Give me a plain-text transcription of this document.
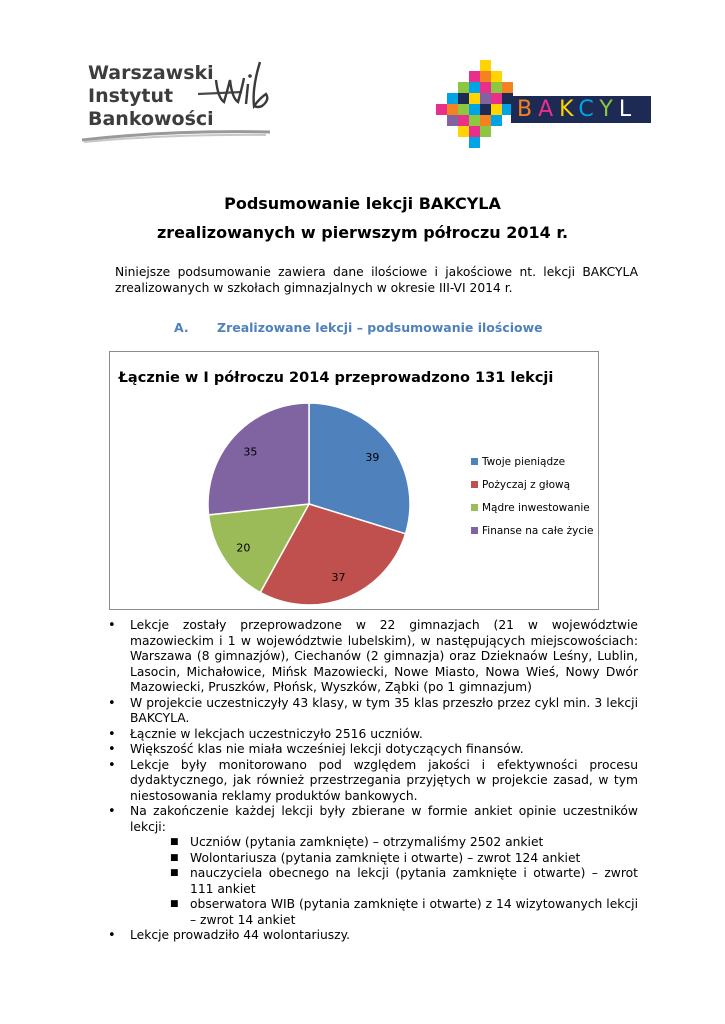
Warszawski
Instytut
Bankowości	BAKCYL
Podsumowanie lekcji BAKCYLA
zrealizowanych w pierwszym półroczu 2014 r.
Niniejsze podsumowanie zawiera dane ilościowe i jakościowe nt. lekcji BAKCYLA zrealizowanych w szkołach gimnazjalnych w okresie III-VI 2014 r.
A. Zrealizowane lekcji – podsumowanie ilościowe
Łącznie w I półroczu 2014 przeprowadzono 131 lekcji
39
37
20
35
Twoje pieniądze
Pożyczaj z głową
Mądre inwestowanie
Finanse na całe życie
• Lekcje zostały przeprowadzone w 22 gimnazjach (21 w województwie mazowieckim i 1 w województwie lubelskim), w następujących miejscowościach: Warszawa (8 gimnazjów), Ciechanów (2 gimnazja) oraz Dzieknaów Leśny, Lublin, Lasocin, Michałowice, Mińsk Mazowiecki, Nowe Miasto, Nowa Wieś, Nowy Dwór Mazowiecki, Pruszków, Płońsk, Wyszków, Ząbki (po 1 gimnazjum)
• W projekcie uczestniczyły 43 klasy, w tym 35 klas przeszło przez cykl min. 3 lekcji BAKCYLA.
• Łącznie w lekcjach uczestniczyło 2516 uczniów.
• Większość klas nie miała wcześniej lekcji dotyczących finansów.
• Lekcje były monitorowano pod względem jakości i efektywności procesu dydaktycznego, jak również przestrzegania przyjętych w projekcie zasad, w tym niestosowania reklamy produktów bankowych.
• Na zakończenie każdej lekcji były zbierane w formie ankiet opinie uczestników lekcji:
■ Uczniów (pytania zamknięte) – otrzymaliśmy 2502 ankiet
■ Wolontariusza (pytania zamknięte i otwarte) – zwrot 124 ankiet
■ nauczyciela obecnego na lekcji (pytania zamknięte i otwarte) – zwrot 111 ankiet
■ obserwatora WIB (pytania zamknięte i otwarte) z 14 wizytowanych lekcji – zwrot 14 ankiet
• Lekcje prowadziło 44 wolontariuszy.
